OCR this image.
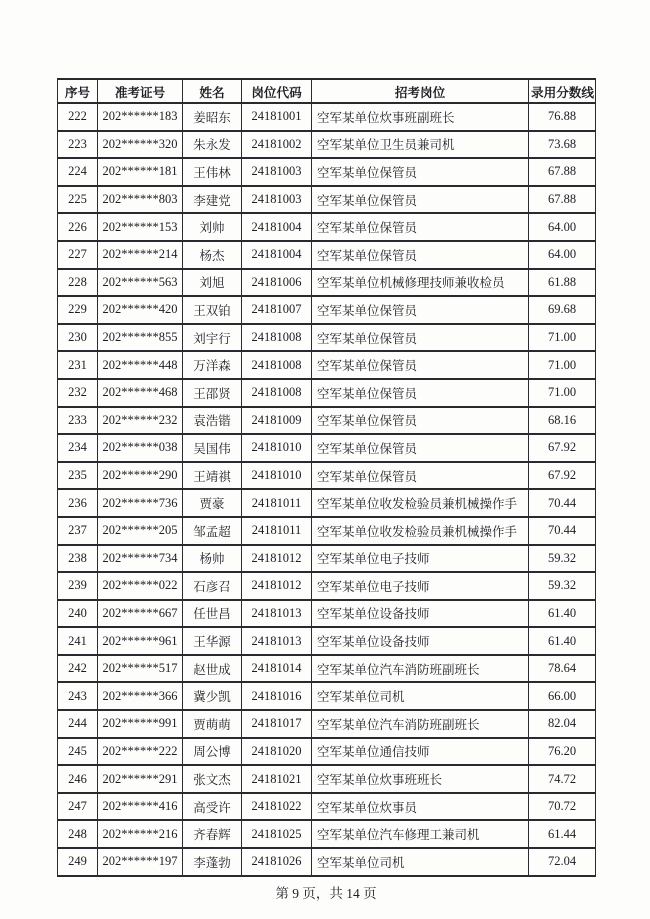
序号	准考证号	姓名	岗位代码	招考岗位	录用分数线
222	202******183	姜昭东	24181001	空军某单位炊事班副班长	76.88
223	202******320	朱永发	24181002	空军某单位卫生员兼司机	73.68
224	202******181	王伟林	24181003	空军某单位保管员	67.88
225	202******803	李建党	24181003	空军某单位保管员	67.88
226	202******153	刘帅	24181004	空军某单位保管员	64.00
227	202******214	杨杰	24181004	空军某单位保管员	64.00
228	202******563	刘旭	24181006	空军某单位机械修理技师兼收检员	61.88
229	202******420	王双铂	24181007	空军某单位保管员	69.68
230	202******855	刘宇行	24181008	空军某单位保管员	71.00
231	202******448	万洋森	24181008	空军某单位保管员	71.00
232	202******468	王邵贤	24181008	空军某单位保管员	71.00
233	202******232	袁浩锴	24181009	空军某单位保管员	68.16
234	202******038	吴国伟	24181010	空军某单位保管员	67.92
235	202******290	王靖祺	24181010	空军某单位保管员	67.92
236	202******736	贾豪	24181011	空军某单位收发检验员兼机械操作手	70.44
237	202******205	邹孟超	24181011	空军某单位收发检验员兼机械操作手	70.44
238	202******734	杨帅	24181012	空军某单位电子技师	59.32
239	202******022	石彦召	24181012	空军某单位电子技师	59.32
240	202******667	任世昌	24181013	空军某单位设备技师	61.40
241	202******961	王华源	24181013	空军某单位设备技师	61.40
242	202******517	赵世成	24181014	空军某单位汽车消防班副班长	78.64
243	202******366	冀少凯	24181016	空军某单位司机	66.00
244	202******991	贾萌萌	24181017	空军某单位汽车消防班副班长	82.04
245	202******222	周公博	24181020	空军某单位通信技师	76.20
246	202******291	张文杰	24181021	空军某单位炊事班班长	74.72
247	202******416	高受许	24181022	空军某单位炊事员	70.72
248	202******216	齐春辉	24181025	空军某单位汽车修理工兼司机	61.44
249	202******197	李蓬勃	24181026	空军某单位司机	72.04
第 9 页，共 14 页
